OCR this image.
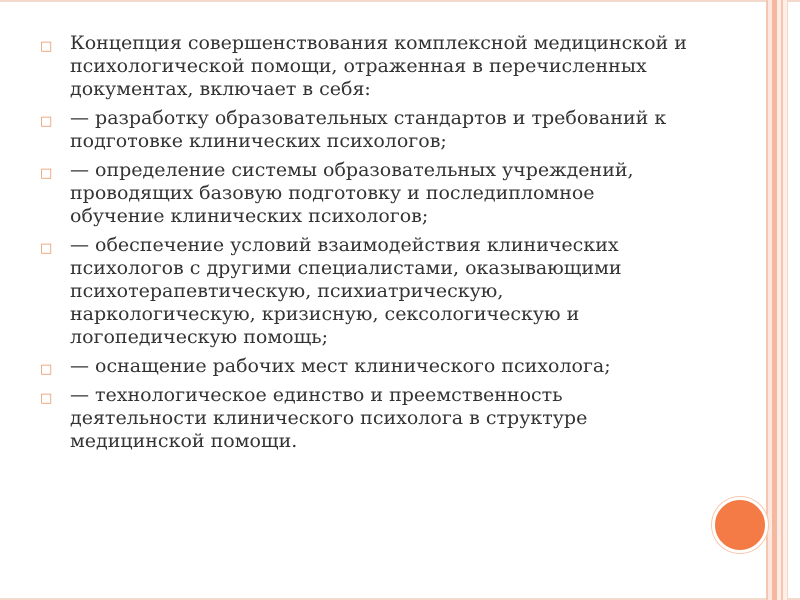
□ Концепция совершенствования комплексной медицинской и психологической помощи, отраженная в перечисленных документах, включает в себя:
□ — разработку образовательных стандартов и требований к подготовке клинических психологов;
□ — определение системы образовательных учреждений, проводящих базовую подготовку и последипломное обучение клинических психологов;
□ — обеспечение условий взаимодействия клинических психологов с другими специалистами, оказывающими психотерапевтическую, психиатрическую, наркологическую, кризисную, сексологическую и логопедическую помощь;
□ — оснащение рабочих мест клинического психолога;
□ — технологическое единство и преемственность деятельности клинического психолога в структуре медицинской помощи.
